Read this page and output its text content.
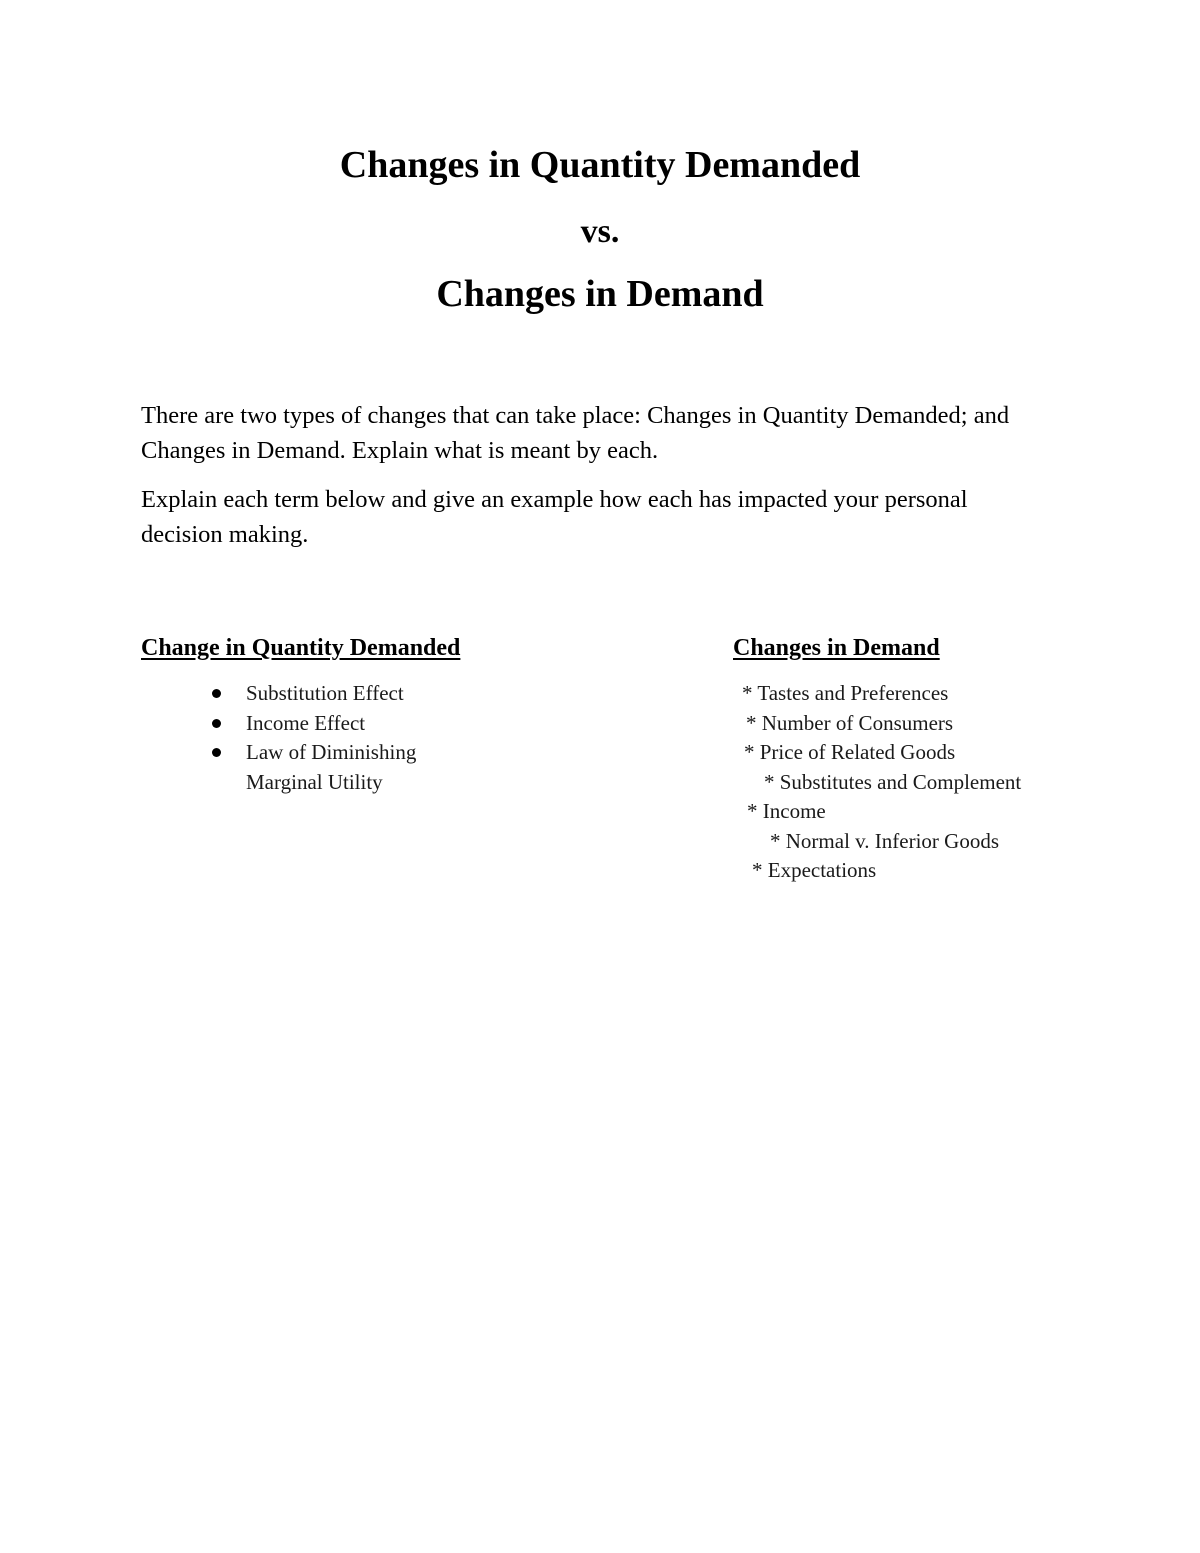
Changes in Quantity Demanded
vs.
Changes in Demand

There are two types of changes that can take place: Changes in Quantity Demanded; and Changes in Demand. Explain what is meant by each.

Explain each term below and give an example how each has impacted your personal decision making.

Change in Quantity Demanded
Substitution Effect
Income Effect
Law of Diminishing Marginal Utility
Changes in Demand
* Tastes and Preferences
* Number of Consumers
* Price of Related Goods
* Substitutes and Complement
* Income
* Normal v. Inferior Goods
* Expectations
